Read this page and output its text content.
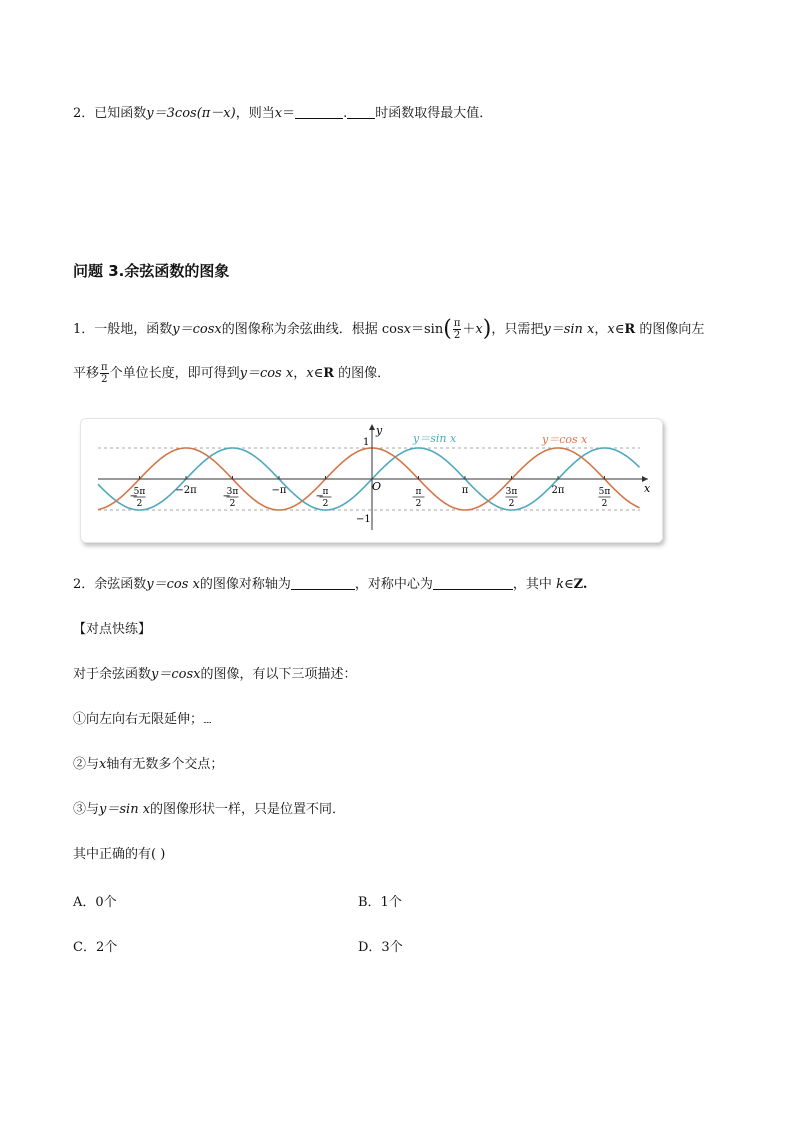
2．已知函数y＝3cos(π－x)，则当x＝	. 时函数取得最大值．
问题 3.余弦函数的图象
1．一般地，函数y＝cosx的图像称为余弦曲线．根据 $\cos x=\sin( \frac{\pi}{2} +x)$，只需把y＝sin x，x∈R 的图像向左
平移 $\frac{\pi}{2}$ 个单位长度，即可得到y＝cos x，x∈R 的图像．
−
5π
2
−2π
−
3π
2
−π
−
π
2
π
2
π	3π
2
2π	5π
2
y＝sin x	y＝cos x
x
y
O
1
−1
2．余弦函数y＝cos x的图像对称轴为	，对称中心为	，其中 k∈Z.
【对点快练】
对于余弦函数y＝cosx的图像，有以下三项描述：
①向左向右无限延伸；.....
②与x轴有无数多个交点；
③与y＝sin x的图像形状一样，只是位置不同．
其中正确的有( )
A．0个	B．1个
C．2个	D．3个
